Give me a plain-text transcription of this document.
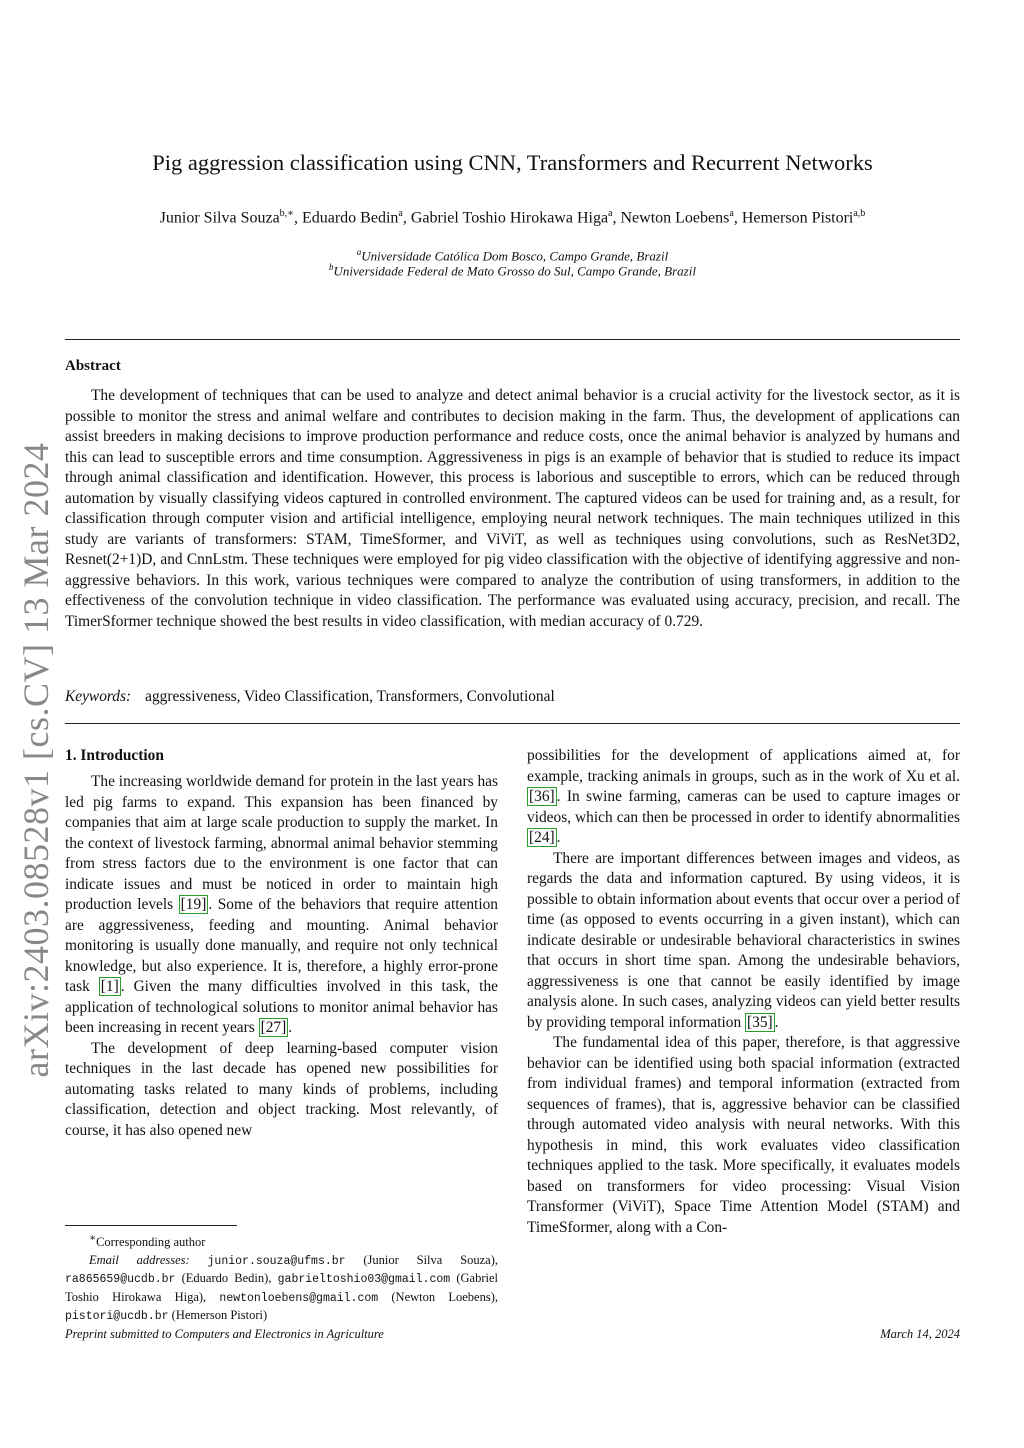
arXiv:2403.08528v1 [cs.CV] 13 Mar 2024
Pig aggression classification using CNN, Transformers and Recurrent Networks
Junior Silva Souza$^{b,∗}$, Eduardo Bedin$^a$, Gabriel Toshio Hirokawa Higa$^a$, Newton Loebens$^a$, Hemerson Pistori$^{a,b}$
$^a$Universidade Católica Dom Bosco, Campo Grande, Brazil
$^b$Universidade Federal de Mato Grosso do Sul, Campo Grande, Brazil
Abstract

The development of techniques that can be used to analyze and detect animal behavior is a crucial activity for the livestock sector, as it is possible to monitor the stress and animal welfare and contributes to decision making in the farm. Thus, the development of applications can assist breeders in making decisions to improve production performance and reduce costs, once the animal behavior is analyzed by humans and this can lead to susceptible errors and time consumption. Aggressiveness in pigs is an example of behavior that is studied to reduce its impact through animal classification and identification. However, this process is laborious and susceptible to errors, which can be reduced through automation by visually classifying videos captured in controlled environment. The captured videos can be used for training and, as a result, for classification through computer vision and artificial intelligence, employing neural network techniques. The main techniques utilized in this study are variants of transformers: STAM, TimeSformer, and ViViT, as well as techniques using convolutions, such as ResNet3D2, Resnet(2+1)D, and CnnLstm. These techniques were employed for pig video classification with the objective of identifying aggressive and non-aggressive behaviors. In this work, various techniques were compared to analyze the contribution of using transformers, in addition to the effectiveness of the convolution technique in video classification. The performance was evaluated using accuracy, precision, and recall. The TimerSformer technique showed the best results in video classification, with median accuracy of 0.729.

Keywords: aggressiveness, Video Classification, Transformers, Convolutional
1. Introduction

The increasing worldwide demand for protein in the last years has led pig farms to expand. This expansion has been financed by companies that aim at large scale production to supply the market. In the context of livestock farming, abnormal animal behavior stemming from stress factors due to the environment is one factor that can indicate issues and must be noticed in order to maintain high production levels [19] . Some of the behaviors that require attention are aggressiveness, feeding and mounting. Animal behavior monitoring is usually done manually, and require not only technical knowledge, but also experience. It is, therefore, a highly error-prone task [1] . Given the many difficulties involved in this task, the application of technological solutions to monitor animal behavior has been increasing in recent years [27] .

The development of deep learning-based computer vision techniques in the last decade has opened new possibilities for automating tasks related to many kinds of problems, including classification, detection and object tracking. Most relevantly, of course, it has also opened new

possibilities for the development of applications aimed at, for example, tracking animals in groups, such as in the work of Xu et al. [36] . In swine farming, cameras can be used to capture images or videos, which can then be processed in order to identify abnormalities [24] .

There are important differences between images and videos, as regards the data and information captured. By using videos, it is possible to obtain information about events that occur over a period of time (as opposed to events occurring in a given instant), which can indicate desirable or undesirable behavioral characteristics in swines that occurs in short time span. Among the undesirable behaviors, aggressiveness is one that cannot be easily identified by image analysis alone. In such cases, analyzing videos can yield better results by providing temporal information [35] .

The fundamental idea of this paper, therefore, is that aggressive behavior can be identified using both spacial information (extracted from individual frames) and temporal information (extracted from sequences of frames), that is, aggressive behavior can be classified through automated video analysis with neural networks. With this hypothesis in mind, this work evaluates video classification techniques applied to the task. More specifically, it evaluates models based on transformers for video processing: Visual Vision Transformer (ViViT), Space Time Attention Model (STAM) and TimeSformer, along with a Con-

∗Corresponding author

Email addresses: junior.souza@ufms.br (Junior Silva Souza), ra865659@ucdb.br (Eduardo Bedin), gabrieltoshio03@gmail.com (Gabriel Toshio Hirokawa Higa), newtonloebens@gmail.com (Newton Loebens), pistori@ucdb.br (Hemerson Pistori)

Preprint submitted to Computers and Electronics in Agriculture	March 14, 2024
